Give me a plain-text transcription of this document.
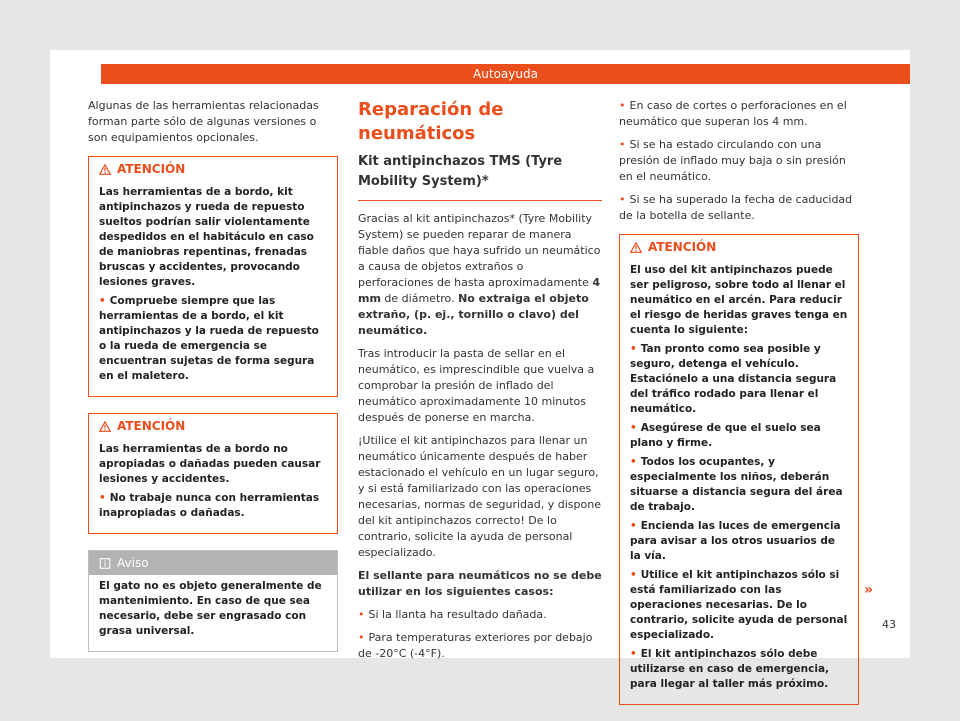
Autoayuda

Algunas de las herramientas relacionadas forman parte sólo de algunas versiones o son equipamientos opcionales.

ATENCIÓN

Las herramientas de a bordo, kit antipinchazos y rueda de repuesto sueltos podrían salir violentamente despedidos en el habitáculo en caso de maniobras repentinas, frenadas bruscas y accidentes, provocando lesiones graves.

• Compruebe siempre que las herramientas de a bordo, el kit antipinchazos y la rueda de repuesto o la rueda de emergencia se encuentran sujetas de forma segura en el maletero.

ATENCIÓN

Las herramientas de a bordo no apropiadas o dañadas pueden causar lesiones y accidentes.

• No trabaje nunca con herramientas inapropiadas o dañadas.

Aviso

El gato no es objeto generalmente de mantenimiento. En caso de que sea necesario, debe ser engrasado con grasa universal.

Reparación de neumáticos
Kit antipinchazos TMS (Tyre Mobility System)*

Gracias al kit antipinchazos* (Tyre Mobility System) se pueden reparar de manera fiable daños que haya sufrido un neumático a causa de objetos extraños o perforaciones de hasta aproximadamente 4 mm de diámetro. No extraiga el objeto extraño, (p. ej., tornillo o clavo) del neumático.

Tras introducir la pasta de sellar en el neumático, es imprescindible que vuelva a comprobar la presión de inflado del neumático aproximadamente 10 minutos después de ponerse en marcha.

¡Utilice el kit antipinchazos para llenar un neumático únicamente después de haber estacionado el vehículo en un lugar seguro, y si está familiarizado con las operaciones necesarias, normas de seguridad, y dispone del kit antipinchazos correcto! De lo contrario, solicite la ayuda de personal especializado.

El sellante para neumáticos no se debe utilizar en los siguientes casos:

• Si la llanta ha resultado dañada.

• Para temperaturas exteriores por debajo de -20°C (-4°F).

• En caso de cortes o perforaciones en el neumático que superan los 4 mm.

• Si se ha estado circulando con una presión de inflado muy baja o sin presión en el neumático.

• Si se ha superado la fecha de caducidad de la botella de sellante.

ATENCIÓN

El uso del kit antipinchazos puede ser peligroso, sobre todo al llenar el neumático en el arcén. Para reducir el riesgo de heridas graves tenga en cuenta lo siguiente:

• Tan pronto como sea posible y seguro, detenga el vehículo. Estaciónelo a una distancia segura del tráfico rodado para llenar el neumático.

• Asegúrese de que el suelo sea plano y firme.

• Todos los ocupantes, y especialmente los niños, deberán situarse a distancia segura del área de trabajo.

• Encienda las luces de emergencia para avisar a los otros usuarios de la vía.

• Utilice el kit antipinchazos sólo si está familiarizado con las operaciones necesarias. De lo contrario, solicite ayuda de personal especializado.

• El kit antipinchazos sólo debe utilizarse en caso de emergencia, para llegar al taller más próximo.

»
43
